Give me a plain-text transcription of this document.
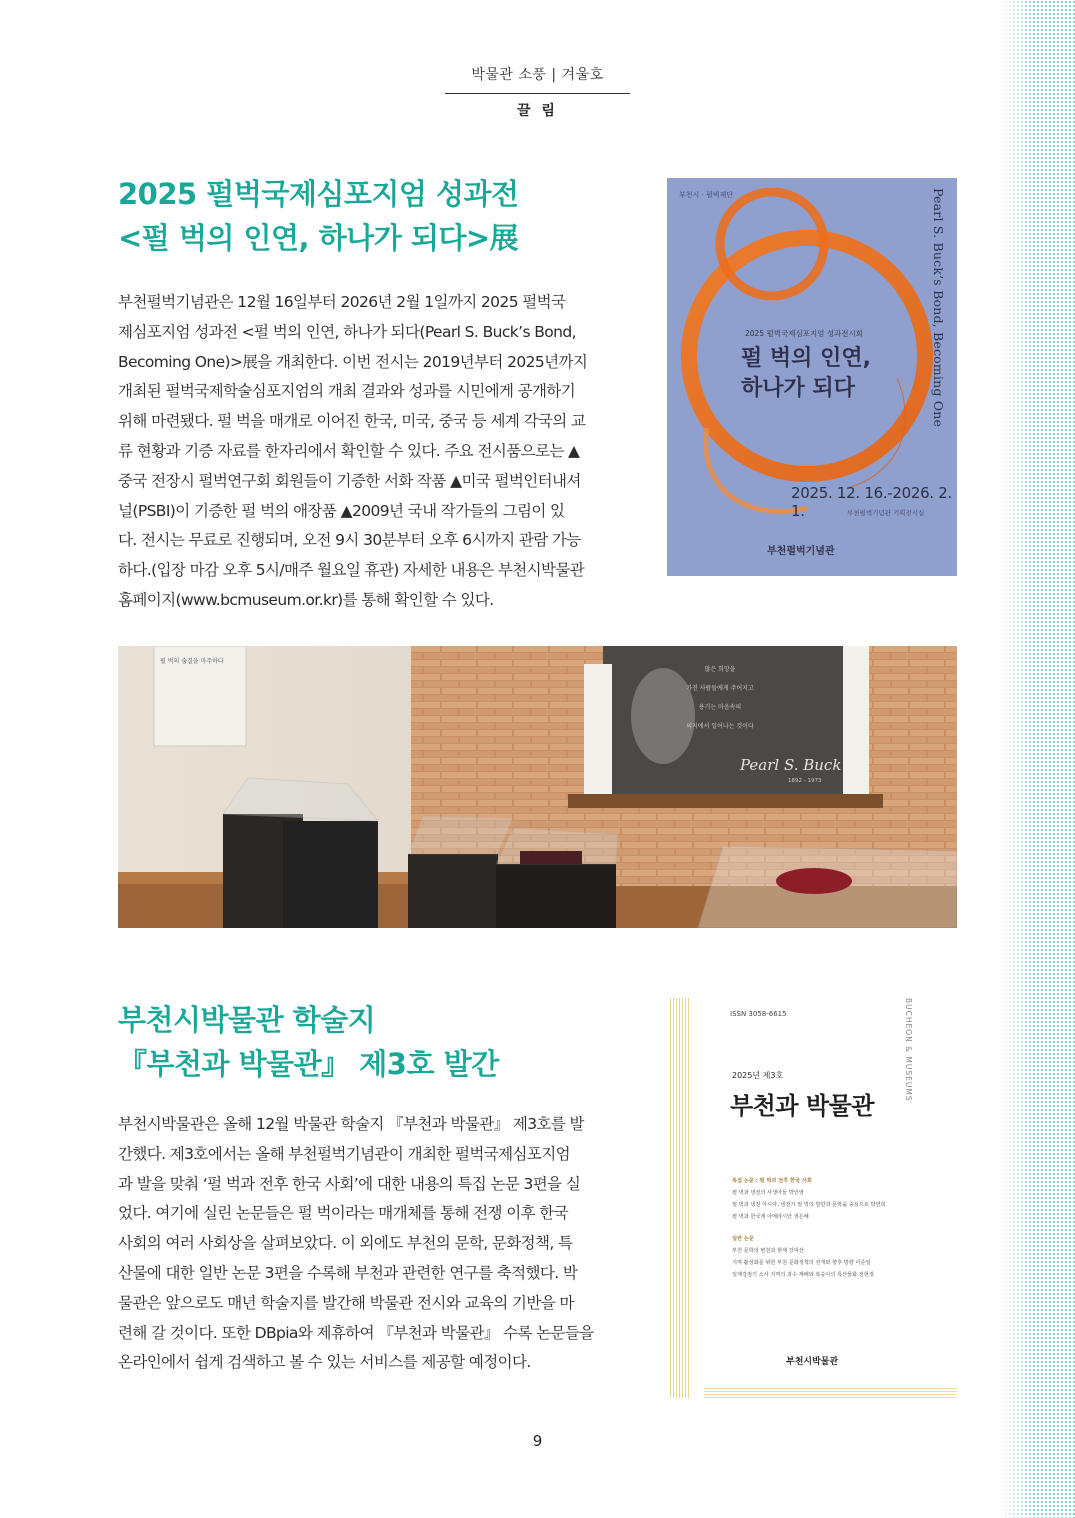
박물관 소풍 | 겨울호
끌 림
2025 펄벅국제심포지엄 성과전
<펄 벅의 인연, 하나가 되다>展
부천펄벅기념관은 12월 16일부터 2026년 2월 1일까지 2025 펄벅국
제심포지엄 성과전 <펄 벅의 인연, 하나가 되다(Pearl S. Buck’s Bond,
Becoming One)>展을 개최한다. 이번 전시는 2019년부터 2025년까지
개최된 펄벅국제학술심포지엄의 개최 결과와 성과를 시민에게 공개하기
위해 마련됐다. 펄 벅을 매개로 이어진 한국, 미국, 중국 등 세계 각국의 교
류 현황과 기증 자료를 한자리에서 확인할 수 있다. 주요 전시품으로는 ▲
중국 전장시 펄벅연구회 회원들이 기증한 서화 작품 ▲미국 펄벅인터내셔
널(PSBI)이 기증한 펄 벅의 애장품 ▲2009년 국내 작가들의 그림이 있
다. 전시는 무료로 진행되며, 오전 9시 30분부터 오후 6시까지 관람 가능
하다.(입장 마감 오후 5시/매주 월요일 휴관) 자세한 내용은 부천시박물관
홈페이지(www.bcmuseum.or.kr)를 통해 확인할 수 있다.
부천시 · 펄벅재단
2025 펄벅국제심포지엄 성과전시회
펄 벅의 인연,
하나가 되다
2025. 12. 16.-2026. 2. 1.	부천펄벅기념관 기획전시실
부천펄벅기념관
Pearl S. Buck’s Bond, Becoming One
펄 벅의 숨결을 마주하다
많은 희망을
가진 사람들에게 주어지고
용기는 마음속의
의지에서 일어나는 것이다
Pearl S. Buck
1892 - 1973
부천시박물관 학술지
『부천과 박물관』 제3호 발간
부천시박물관은 올해 12월 박물관 학술지 『부천과 박물관』 제3호를 발
간했다. 제3호에서는 올해 부천펄벅기념관이 개최한 펄벅국제심포지엄
과 발을 맞춰 ‘펄 벅과 전후 한국 사회’에 대한 내용의 특집 논문 3편을 실
었다. 여기에 실린 논문들은 펄 벅이라는 매개체를 통해 전쟁 이후 한국
사회의 여러 사회상을 살펴보았다. 이 외에도 부천의 문학, 문화정책, 특
산물에 대한 일반 논문 3편을 수록해 부천과 관련한 연구를 축적했다. 박
물관은 앞으로도 매년 학술지를 발간해 박물관 전시와 교육의 기반을 마
련해 갈 것이다. 또한 DBpia와 제휴하여 『부천과 박물관』 수록 논문들을
온라인에서 쉽게 검색하고 볼 수 있는 서비스를 제공할 예정이다.
ISSN 3058-6615	BUCHEON & MUSEUMS
2025년 제3호
부천과 박물관
특집 논문 : 펄 벅과 전후 한국 사회
펄 벅과 냉전의 사생아들 박인영
펄 벅과 냉전 아시아: 냉전기 펄 벅의 방한과 문학을 중심으로 박연희
펄 벅과 한국계 아메라시안 권은혜
일반 논문
부천 문학의 변천과 현재 강덕선
지역 활성화를 위한 부천 문화정책의 전개와 향후 방향 이준일
일제강점기 소사 지역의 과수 재배와 복숭아의 특산물화 전현정
부천시박물관
9
